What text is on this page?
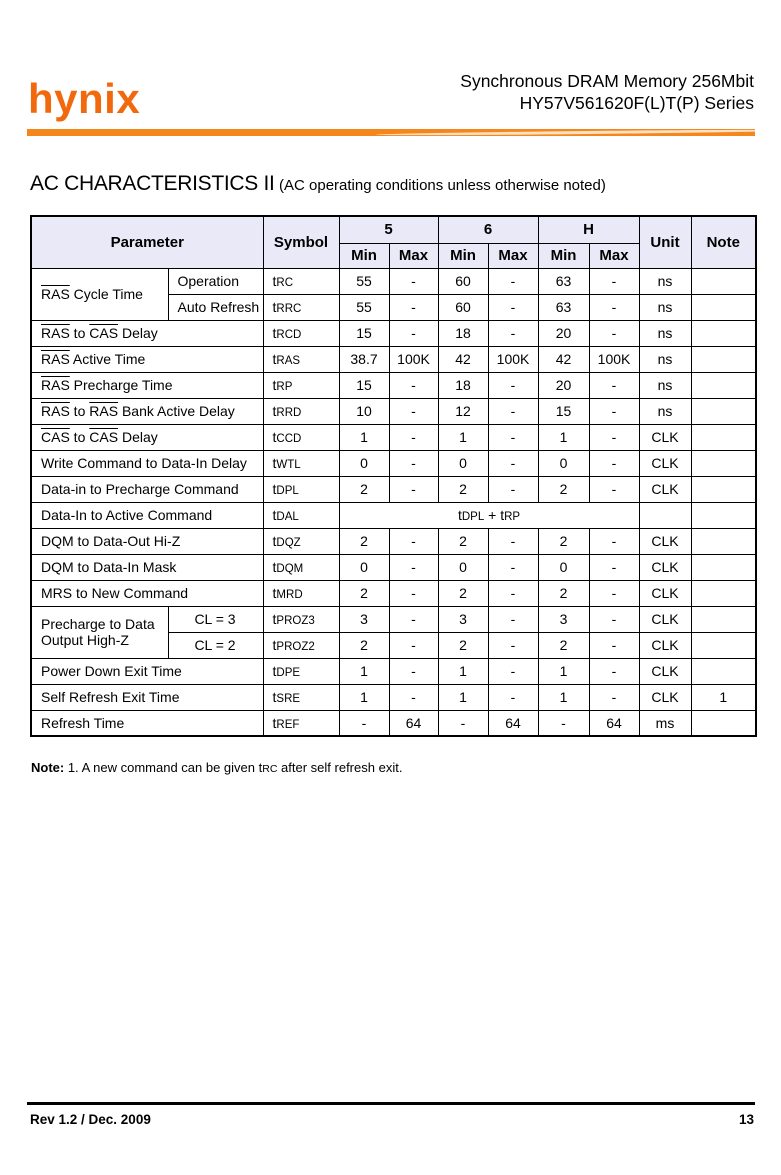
hynix	Synchronous DRAM Memory 256Mbit
HY57V561620F(L)T(P) Series
AC CHARACTERISTICS II (AC operating conditions unless otherwise noted)
Parameter		Symbol	5		6		H		Unit	Note
			Min	Max	Min	Max	Min	Max		
$\overline{RAS}$ Cycle Time	Operation	tRC	55	-	60	-	63	-	ns	
	Auto Refresh	tRRC	55	-	60	-	63	-	ns	
$\overline{RAS}$ to $\overline{CAS}$ Delay		tRCD	15	-	18	-	20	-	ns	
$\overline{RAS}$ Active Time		tRAS	38.7	100K	42	100K	42	100K	ns	
$\overline{RAS}$ Precharge Time		tRP	15	-	18	-	20	-	ns	
$\overline{RAS}$ to $\overline{RAS}$ Bank Active Delay		tRRD	10	-	12	-	15	-	ns	
$\overline{CAS}$ to $\overline{CAS}$ Delay		tCCD	1	-	1	-	1	-	CLK	
Write Command to Data-In Delay		tWTL	0	-	0	-	0	-	CLK	
Data-in to Precharge Command		tDPL	2	-	2	-	2	-	CLK	
Data-In to Active Command		tDAL	tDPL + tRP							
DQM to Data-Out Hi-Z		tDQZ	2	-	2	-	2	-	CLK	
DQM to Data-In Mask		tDQM	0	-	0	-	0	-	CLK	
MRS to New Command		tMRD	2	-	2	-	2	-	CLK	
Precharge to Data Output High-Z	CL = 3	tPROZ3	3	-	3	-	3	-	CLK	
	CL = 2	tPROZ2	2	-	2	-	2	-	CLK	
Power Down Exit Time		tDPE	1	-	1	-	1	-	CLK	
Self Refresh Exit Time		tSRE	1	-	1	-	1	-	CLK	1
Refresh Time		tREF	-	64	-	64	-	64	ms	
Note: 1. A new command can be given tRC after self refresh exit.
Rev 1.2 / Dec. 2009	13
